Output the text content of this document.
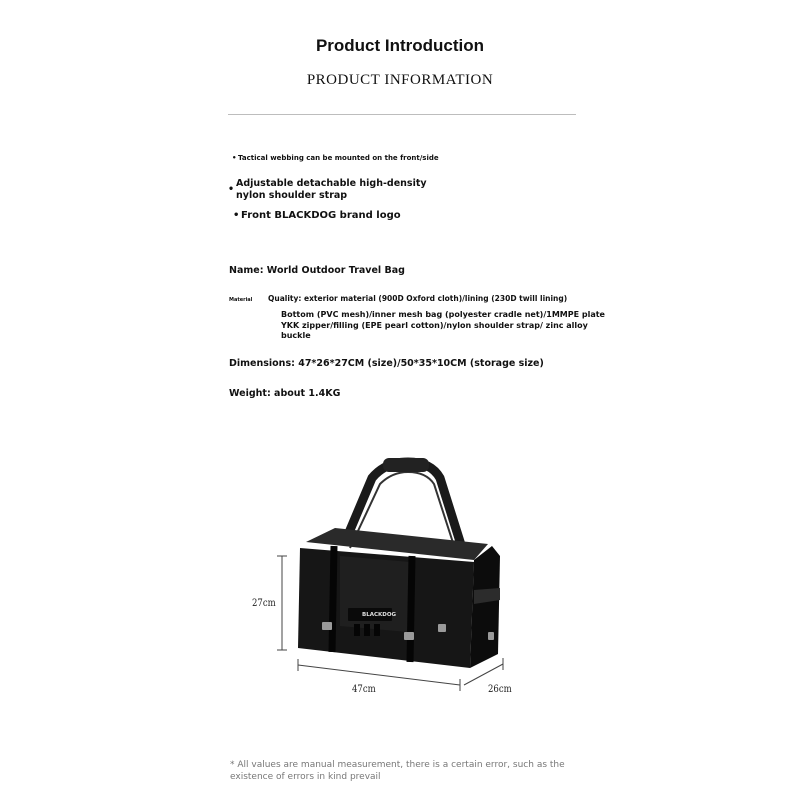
Product Introduction
PRODUCT INFORMATION
• Tactical webbing can be mounted on the front/side
•
Adjustable detachable high-density
nylon shoulder strap
• Front BLACKDOG brand logo
Name: World Outdoor Travel Bag
Material Quality: exterior material (900D Oxford cloth)/lining (230D twill lining)
Bottom (PVC mesh)/inner mesh bag (polyester cradle net)/1MMPE plate YKK zipper/filling (EPE pearl cotton)/nylon shoulder strap/ zinc alloy buckle
Dimensions: 47*26*27CM (size)/50*35*10CM (storage size)
Weight: about 1.4KG
BLACKDOG
27cm
47cm	26cm
* All values are manual measurement, there is a certain error, such as the existence of errors in kind prevail
